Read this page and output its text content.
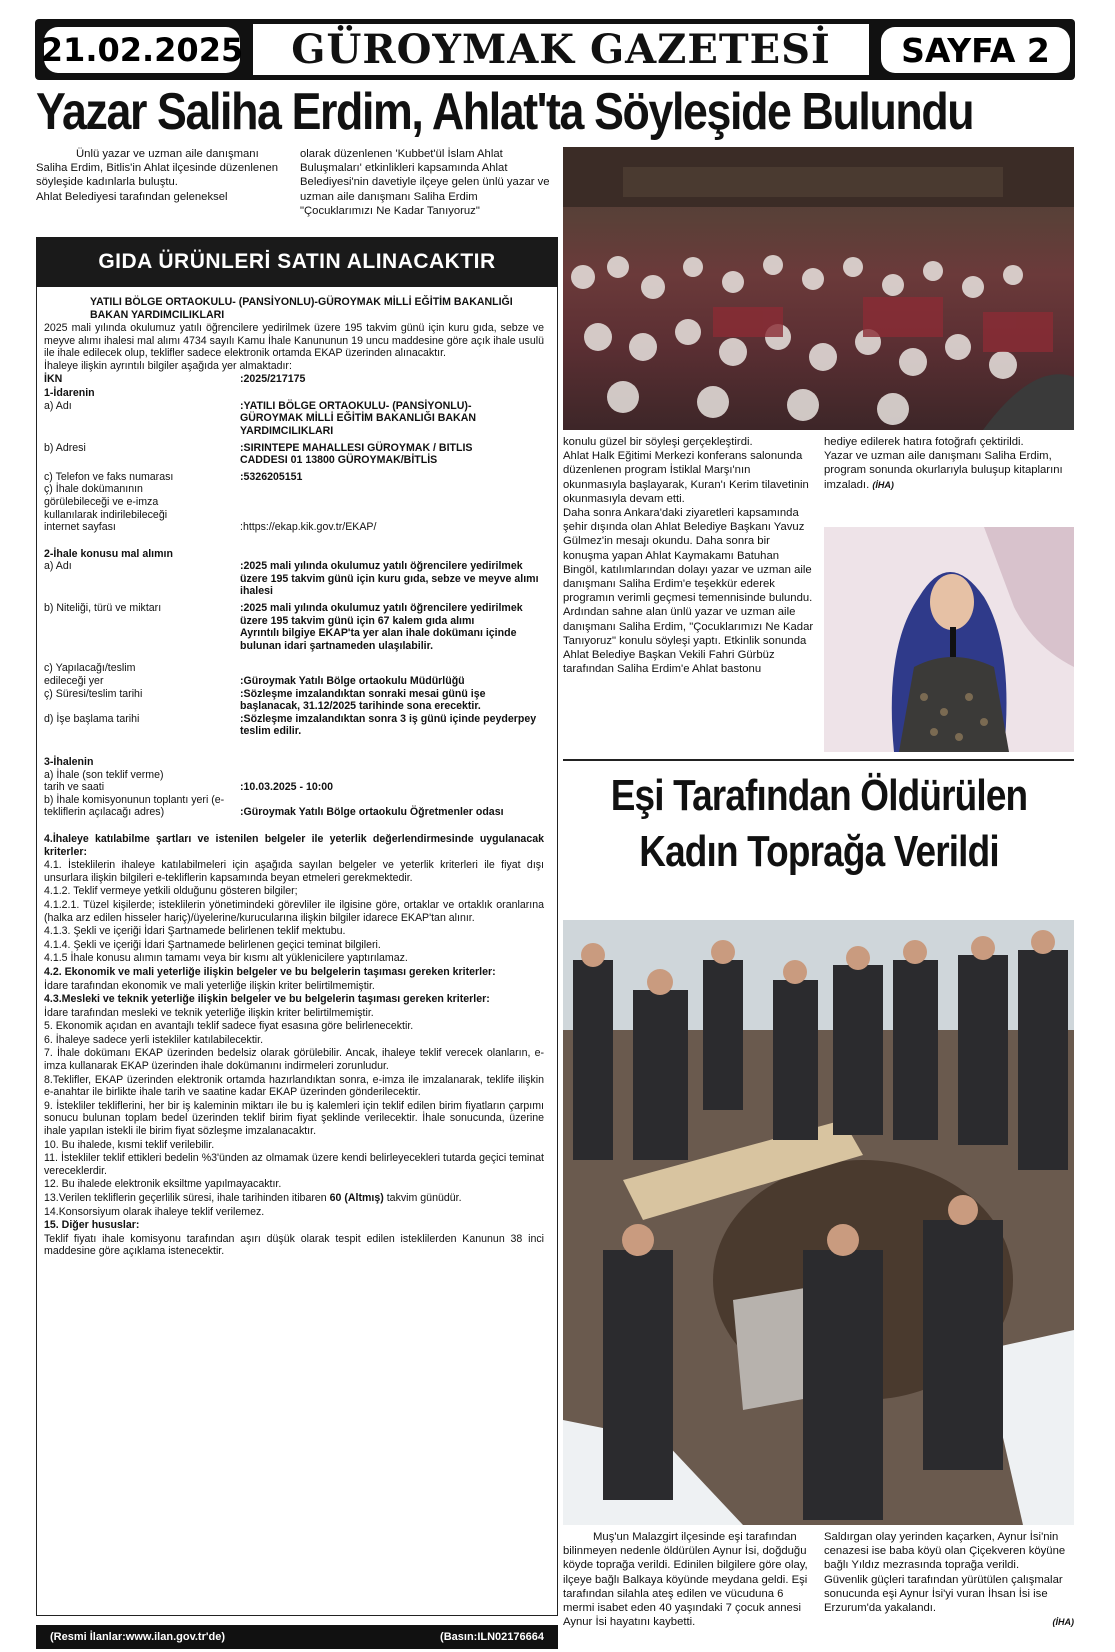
21.02.2025	GÜROYMAK GAZETESİ	SAYFA 2
Yazar Saliha Erdim, Ahlat'ta Söyleşide Bulundu

Ünlü yazar ve uzman aile danışmanı Saliha Erdim, Bitlis'in Ahlat ilçesinde düzenlenen söyleşide kadınlarla buluştu.

Ahlat Belediyesi tarafından geleneksel

olarak düzenlenen 'Kubbet'ül İslam Ahlat Buluşmaları' etkinlikleri kapsamında Ahlat Belediyesi'nin davetiyle ilçeye gelen ünlü yazar ve uzman aile danışmanı Saliha Erdim "Çocuklarımızı Ne Kadar Tanıyoruz"

konulu güzel bir söyleşi gerçekleştirdi.

Ahlat Halk Eğitimi Merkezi konferans salonunda düzenlenen program İstiklal Marşı'nın okunmasıyla başlayarak, Kuran'ı Kerim tilavetinin okunmasıyla devam etti.

Daha sonra Ankara'daki ziyaretleri kapsamında şehir dışında olan Ahlat Belediye Başkanı Yavuz Gülmez'in mesajı okundu. Daha sonra bir konuşma yapan Ahlat Kaymakamı Batuhan Bingöl, katılımlarından dolayı yazar ve uzman aile danışmanı Saliha Erdim'e teşekkür ederek programın verimli geçmesi temennisinde bulundu.

Ardından sahne alan ünlü yazar ve uzman aile danışmanı Saliha Erdim, "Çocuklarımızı Ne Kadar Tanıyoruz" konulu söyleşi yaptı. Etkinlik sonunda Ahlat Belediye Başkan Vekili Fahri Gürbüz tarafından Saliha Erdim'e Ahlat bastonu

hediye edilerek hatıra fotoğrafı çektirildi.

Yazar ve uzman aile danışmanı Saliha Erdim, program sonunda okurlarıyla buluşup kitaplarını imzaladı. (İHA)

Eşi Tarafından Öldürülen
Kadın Toprağa Verildi

Muş'un Malazgirt ilçesinde eşi tarafından bilinmeyen nedenle öldürülen Aynur İsi, doğduğu köyde toprağa verildi. Edinilen bilgilere göre olay, ilçeye bağlı Balkaya köyünde meydana geldi. Eşi tarafından silahla ateş edilen ve vücuduna 6 mermi isabet eden 40 yaşındaki 7 çocuk annesi Aynur İsi hayatını kaybetti.

Saldırgan olay yerinden kaçarken, Aynur İsi'nin cenazesi ise baba köyü olan Çiçekveren köyüne bağlı Yıldız mezrasında toprağa verildi.

Güvenlik güçleri tarafından yürütülen çalışmalar sonucunda eşi Aynur İsi'yi vuran İhsan İsi ise Erzurum'da yakalandı.

(İHA)

GIDA ÜRÜNLERİ SATIN ALINACAKTIR
YATILI BÖLGE ORTAOKULU- (PANSİYONLU)-GÜROYMAK MİLLİ EĞİTİM BAKANLIĞI BAKAN YARDIMCILIKLARI
2025 mali yılında okulumuz yatılı öğrencilere yedirilmek üzere 195 takvim günü için kuru gıda, sebze ve meyve alımı ihalesi mal alımı 4734 sayılı Kamu İhale Kanununun 19 uncu maddesine göre açık ihale usulü ile ihale edilecek olup, teklifler sadece elektronik ortamda EKAP üzerinden alınacaktır.
İhaleye ilişkin ayrıntılı bilgiler aşağıda yer almaktadır:
İKN	:2025/217175
1-İdarenin
a) Adı	:YATILI BÖLGE ORTAOKULU- (PANSİYONLU)-GÜROYMAK MİLLİ EĞİTİM BAKANLIĞI BAKAN YARDIMCILIKLARI
b) Adresi	:SIRINTEPE MAHALLESI GÜROYMAK / BITLIS CADDESI 01 13800 GÜROYMAK/BİTLİS
c) Telefon ve faks numarası	:5326205151
ç) İhale dokümanının görülebileceği ve e-imza kullanılarak indirilebileceği internet sayfası	:https://ekap.kik.gov.tr/EKAP/
2-İhale konusu mal alımın
a) Adı	:2025 mali yılında okulumuz yatılı öğrencilere yedirilmek üzere 195 takvim günü için kuru gıda, sebze ve meyve alımı ihalesi
b) Niteliği, türü ve miktarı	:2025 mali yılında okulumuz yatılı öğrencilere yedirilmek üzere 195 takvim günü için 67 kalem gıda alımı
Ayrıntılı bilgiye EKAP'ta yer alan ihale dokümanı içinde bulunan idari şartnameden ulaşılabilir.
c) Yapılacağı/teslim edileceği yer	:Güroymak Yatılı Bölge ortaokulu Müdürlüğü
ç) Süresi/teslim tarihi	:Sözleşme imzalandıktan sonraki mesai günü işe başlanacak, 31.12/2025 tarihinde sona erecektir.
d) İşe başlama tarihi	:Sözleşme imzalandıktan sonra 3 iş günü içinde peyderpey teslim edilir.
3-İhalenin
a) İhale (son teklif verme) tarih ve saati	:10.03.2025 - 10:00
b) İhale komisyonunun toplantı yeri (e-tekliflerin açılacağı adres)	:Güroymak Yatılı Bölge ortaokulu Öğretmenler odası
4.İhaleye katılabilme şartları ve istenilen belgeler ile yeterlik değerlendirmesinde uygulanacak kriterler:
4.1. İsteklilerin ihaleye katılabilmeleri için aşağıda sayılan belgeler ve yeterlik kriterleri ile fiyat dışı unsurlara ilişkin bilgileri e-tekliflerin kapsamında beyan etmeleri gerekmektedir.
4.1.2. Teklif vermeye yetkili olduğunu gösteren bilgiler;
4.1.2.1. Tüzel kişilerde; isteklilerin yönetimindeki görevliler ile ilgisine göre, ortaklar ve ortaklık oranlarına (halka arz edilen hisseler hariç)/üyelerine/kurucularına ilişkin bilgiler idarece EKAP'tan alınır.
4.1.3. Şekli ve içeriği İdari Şartnamede belirlenen teklif mektubu.
4.1.4. Şekli ve içeriği İdari Şartnamede belirlenen geçici teminat bilgileri.
4.1.5 İhale konusu alımın tamamı veya bir kısmı alt yüklenicilere yaptırılamaz.
4.2. Ekonomik ve mali yeterliğe ilişkin belgeler ve bu belgelerin taşıması gereken kriterler:
İdare tarafından ekonomik ve mali yeterliğe ilişkin kriter belirtilmemiştir.
4.3.Mesleki ve teknik yeterliğe ilişkin belgeler ve bu belgelerin taşıması gereken kriterler:
İdare tarafından mesleki ve teknik yeterliğe ilişkin kriter belirtilmemiştir.
5. Ekonomik açıdan en avantajlı teklif sadece fiyat esasına göre belirlenecektir.
6. İhaleye sadece yerli istekliler katılabilecektir.
7. İhale dokümanı EKAP üzerinden bedelsiz olarak görülebilir. Ancak, ihaleye teklif verecek olanların, e-imza kullanarak EKAP üzerinden ihale dokümanını indirmeleri zorunludur.
8.Teklifler, EKAP üzerinden elektronik ortamda hazırlandıktan sonra, e-imza ile imzalanarak, teklife ilişkin e-anahtar ile birlikte ihale tarih ve saatine kadar EKAP üzerinden gönderilecektir.
9. İstekliler tekliflerini, her bir iş kaleminin miktarı ile bu iş kalemleri için teklif edilen birim fiyatların çarpımı sonucu bulunan toplam bedel üzerinden teklif birim fiyat şeklinde verilecektir. İhale sonucunda, üzerine ihale yapılan istekli ile birim fiyat sözleşme imzalanacaktır.
10. Bu ihalede, kısmi teklif verilebilir.
11. İstekliler teklif ettikleri bedelin %3'ünden az olmamak üzere kendi belirleyecekleri tutarda geçici teminat vereceklerdir.
12. Bu ihalede elektronik eksiltme yapılmayacaktır.
13.Verilen tekliflerin geçerlilik süresi, ihale tarihinden itibaren 60 (Altmış) takvim günüdür.
14.Konsorsiyum olarak ihaleye teklif verilemez.
15. Diğer hususlar:
Teklif fiyatı ihale komisyonu tarafından aşırı düşük olarak tespit edilen isteklilerden Kanunun 38 inci maddesine göre açıklama istenecektir.
(Resmi İlanlar:www.ilan.gov.tr'de)	(Basın:ILN02176664
